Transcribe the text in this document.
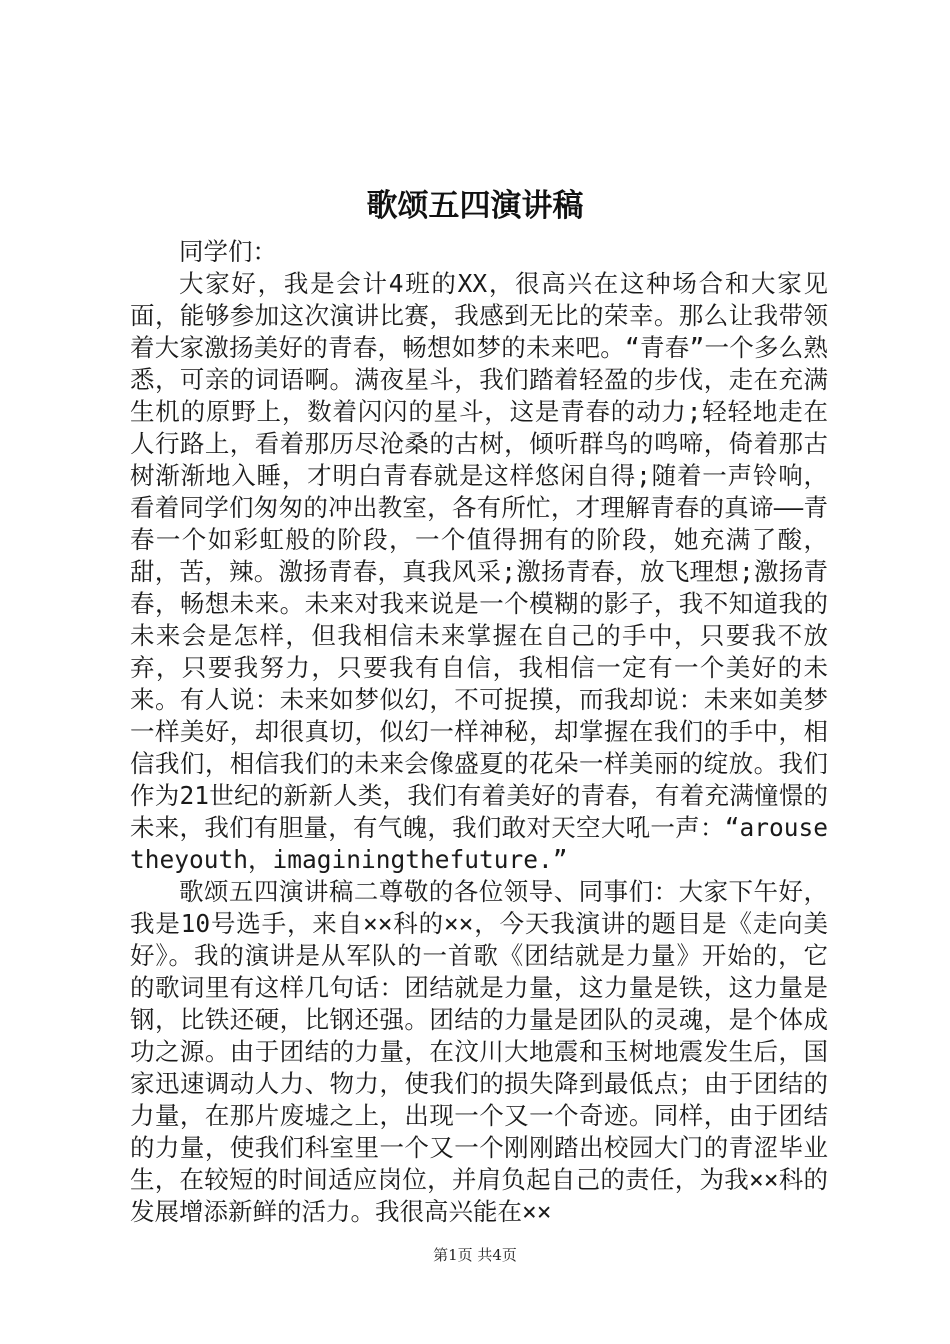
歌颂五四演讲稿

同学们：

大家好，我是会计4班的XX，很高兴在这种场合和大家见面，能够参加这次演讲比赛，我感到无比的荣幸。那么让我带领着大家激扬美好的青春，畅想如梦的未来吧。“青春”一个多么熟悉，可亲的词语啊。满夜星斗，我们踏着轻盈的步伐，走在充满生机的原野上，数着闪闪的星斗，这是青春的动力;轻轻地走在人行路上，看着那历尽沧桑的古树，倾听群鸟的鸣啼，倚着那古树渐渐地入睡，才明白青春就是这样悠闲自得;随着一声铃响，看着同学们匆匆的冲出教室，各有所忙，才理解青春的真谛——青春一个如彩虹般的阶段，一个值得拥有的阶段，她充满了酸，甜，苦，辣。激扬青春，真我风采;激扬青春，放飞理想;激扬青春，畅想未来。未来对我来说是一个模糊的影子，我不知道我的未来会是怎样，但我相信未来掌握在自己的手中，只要我不放弃，只要我努力，只要我有自信，我相信一定有一个美好的未来。有人说：未来如梦似幻，不可捉摸，而我却说：未来如美梦一样美好，却很真切，似幻一样神秘，却掌握在我们的手中，相信我们，相信我们的未来会像盛夏的花朵一样美丽的绽放。我们作为21世纪的新新人类，我们有着美好的青春，有着充满憧憬的未来，我们有胆量，有气魄，我们敢对天空大吼一声：“arousetheyouth，imaginingthefuture.”

歌颂五四演讲稿二尊敬的各位领导、同事们：大家下午好，我是10号选手，来自××科的××，今天我演讲的题目是《走向美好》。我的演讲是从军队的一首歌《团结就是力量》开始的，它的歌词里有这样几句话：团结就是力量，这力量是铁，这力量是钢，比铁还硬，比钢还强。团结的力量是团队的灵魂，是个体成功之源。由于团结的力量，在汶川大地震和玉树地震发生后，国家迅速调动人力、物力，使我们的损失降到最低点；由于团结的力量，在那片废墟之上，出现一个又一个奇迹。同样，由于团结的力量，使我们科室里一个又一个刚刚踏出校园大门的青涩毕业生，在较短的时间适应岗位，并肩负起自己的责任，为我××科的发展增添新鲜的活力。我很高兴能在××

第1页 共4页
